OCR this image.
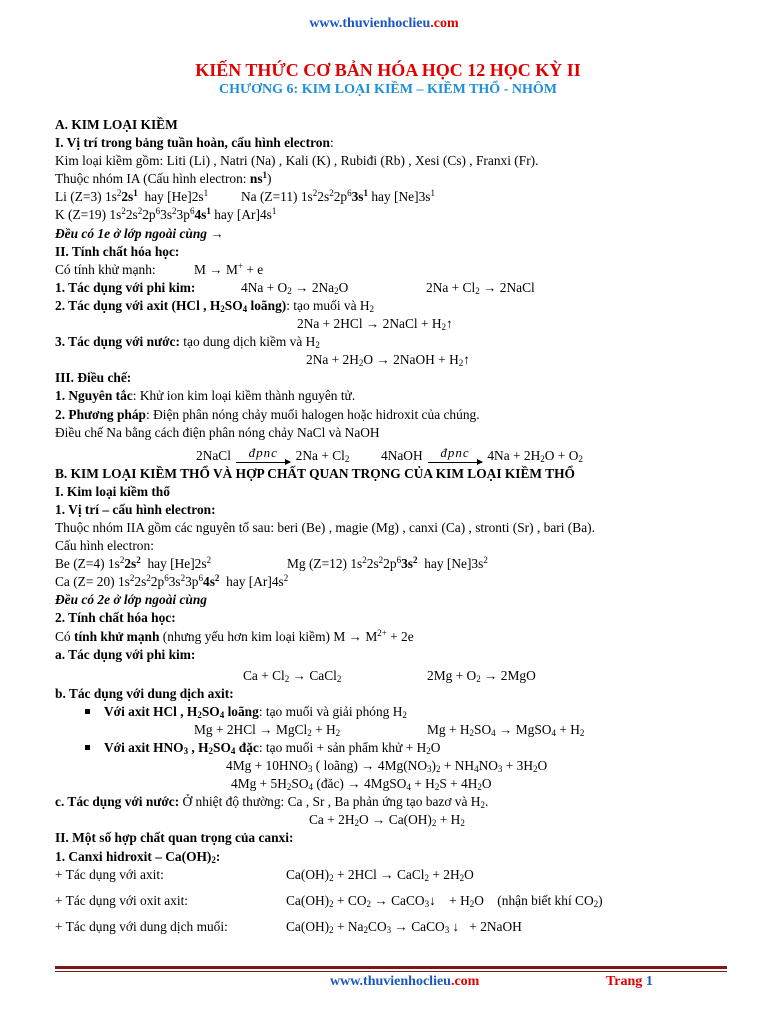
www.thuvienhoclieu.com
KIẾN THỨC CƠ BẢN HÓA HỌC 12 HỌC KỲ II
CHƯƠNG 6: KIM LOẠI KIỀM – KIỀM THỔ - NHÔM
A. KIM LOẠI KIỀM
I. Vị trí trong bảng tuần hoàn, cấu hình electron:
Kim loại kiềm gồm: Liti (Li) , Natri (Na) , Kali (K) , Rubiđi (Rb) , Xesi (Cs) , Franxi (Fr).
Thuộc nhóm IA (Cấu hình electron: $ns^1$)
Li (Z=3) $1s^22s^1$ hay $[He]2s^1$ Na (Z=11) $1s^22s^22p^63s^1$ hay $[Ne]3s^1$
K (Z=19) $1s^22s^22p^63s^23p^64s^1$ hay $[Ar]4s^1$
Đều có 1e ở lớp ngoài cùng →
II. Tính chất hóa học:
Có tính khử mạnh:	M → M+ + e
1. Tác dụng với phi kim:	$4Na + O_2 \to 2Na_2O$	$2Na + Cl_2$ → 2NaCl
2. Tác dụng với axit (HCl , $H_2SO_4$ loãng): tạo muối và $H_2$
2Na + 2HCl → 2NaCl + $H_2↑$
3. Tác dụng với nước: tạo dung dịch kiềm và $H_2$
$2Na + 2H_2O$ → 2NaOH + $H_2↑$
III. Điều chế:
1. Nguyên tắc: Khử ion kim loại kiềm thành nguyên tử.
2. Phương pháp: Điện phân nóng chảy muối halogen hoặc hidroxit của chúng.
Điều chế Na bằng cách điện phân nóng chảy NaCl và NaOH
2NaCl	đpnc	$2Na + Cl_2$ 4NaOH	đpnc	$4Na + 2H_2O + O_2$
B. KIM LOẠI KIỀM THỔ VÀ HỢP CHẤT QUAN TRỌNG CỦA KIM LOẠI KIỀM THỔ
I. Kim loại kiềm thổ
1. Vị trí – cấu hình electron:
Thuộc nhóm IIA gồm các nguyên tố sau: beri (Be) , magie (Mg) , canxi (Ca) , stronti (Sr) , bari (Ba).
Cấu hình electron:
Be (Z=4) $1s^22s^2$ hay $[He]2s^2$	Mg (Z=12) $1s^22s^22p^63s^2$ hay $[Ne]3s^2$
Ca (Z= 20) $1s^22s^22p^63s^23p^64s^2$ hay $[Ar]4s^2$
Đều có 2e ở lớp ngoài cùng
2. Tính chất hóa học:
Có tính khử mạnh (nhưng yếu hơn kim loại kiềm) $M \to M^{2+} + 2e$
a. Tác dụng với phi kim:
$Ca + Cl_2$ → CaCl$_2$	$2Mg + O_2 \to 2MgO$
b. Tác dụng với dung dịch axit:
Với axit HCl , $H_2SO_4$ loãng: tạo muối và giải phóng $H_2$
Mg + 2HCl → MgCl$_2$ + $H_2$	$Mg + H_2SO_4$ → MgSO$_4$ + $H_2$
Với axit $HNO_3$ , $H_2SO_4$ đặc: tạo muối + sản phẩm khử + $H_2O$
$4Mg + 10HNO_3$ ( loãng) → $4Mg(NO_3)_2 + NH_4NO_3 + 3H_2O$
$4Mg + 5H_2SO_4$ (đăc) → 4MgSO$_4$ + $H_2S + 4H_2O$
c. Tác dụng với nước: Ở nhiệt độ thường: Ca , Sr , Ba phản ứng tạo bazơ và $H_2$.
$Ca + 2H_2O \to Ca(OH)_2 + H_2$
II. Một số hợp chất quan trọng của canxi:
1. Canxi hidroxit – $Ca(OH)_2$:
+ Tác dụng với axit:	$Ca(OH)_2 + 2HCl$ → CaCl$_2$ + $2H_2O$
+ Tác dụng với oxit axit:	$Ca(OH)_2 + CO_2$ → CaCO$_3$↓    + $H_2O$    (nhận biết khí $CO_2$)
+ Tác dụng với dung dịch muối:	$Ca(OH)_2 + Na_2CO_3$ → CaCO$_3$ ↓   + 2NaOH
www.thuvienhoclieu.com	Trang 1
